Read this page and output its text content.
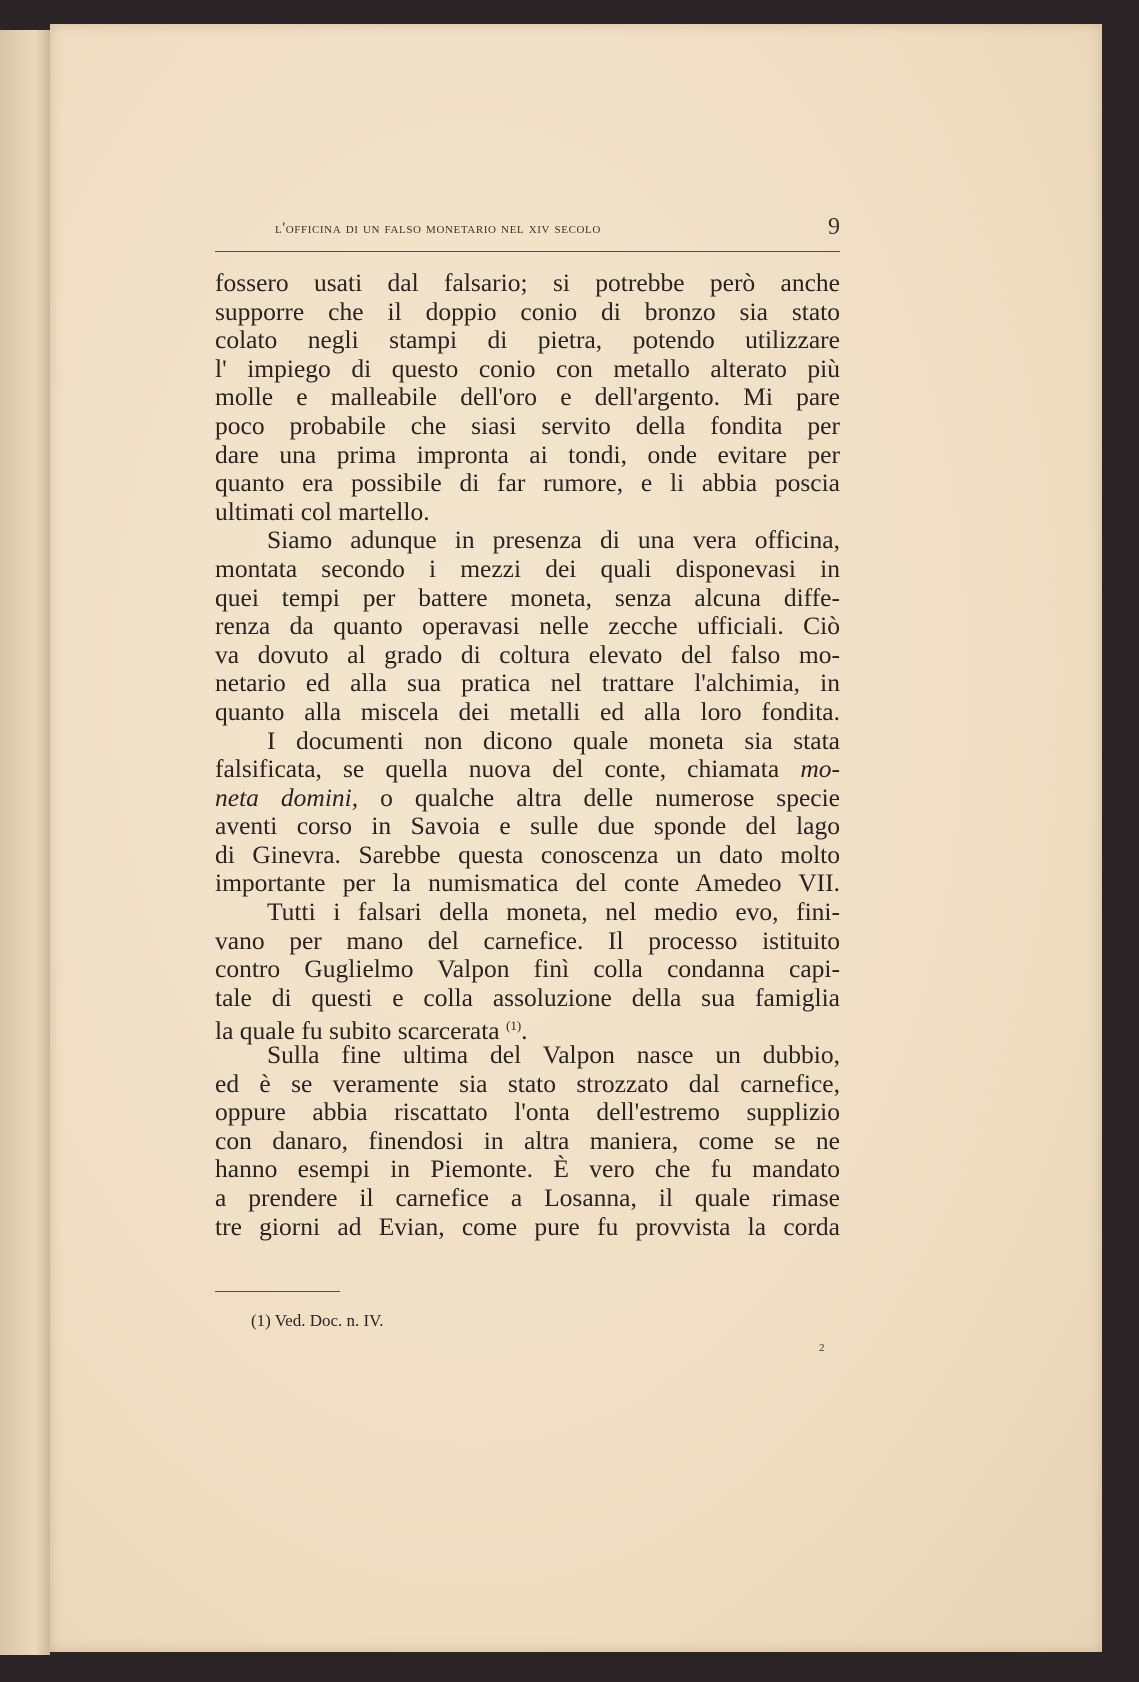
l'officina di un falso monetario nel xiv secolo	9
fossero usati dal falsario; si potrebbe però anche
supporre che il doppio conio di bronzo sia stato
colato negli stampi di pietra, potendo utilizzare
l' impiego di questo conio con metallo alterato più
molle e malleabile dell'oro e dell'argento. Mi pare
poco probabile che siasi servito della fondita per
dare una prima impronta ai tondi, onde evitare per
quanto era possibile di far rumore, e li abbia poscia
ultimati col martello.
Siamo adunque in presenza di una vera officina,
montata secondo i mezzi dei quali disponevasi in
quei tempi per battere moneta, senza alcuna diffe-
renza da quanto operavasi nelle zecche ufficiali. Ciò
va dovuto al grado di coltura elevato del falso mo-
netario ed alla sua pratica nel trattare l'alchimia, in
quanto alla miscela dei metalli ed alla loro fondita.
I documenti non dicono quale moneta sia stata
falsificata, se quella nuova del conte, chiamata mo-
neta domini, o qualche altra delle numerose specie
aventi corso in Savoia e sulle due sponde del lago
di Ginevra. Sarebbe questa conoscenza un dato molto
importante per la numismatica del conte Amedeo VII.
Tutti i falsari della moneta, nel medio evo, fini-
vano per mano del carnefice. Il processo istituito
contro Guglielmo Valpon finì colla condanna capi-
tale di questi e colla assoluzione della sua famiglia
la quale fu subito scarcerata $^{(1)}$.
Sulla fine ultima del Valpon nasce un dubbio,
ed è se veramente sia stato strozzato dal carnefice,
oppure abbia riscattato l'onta dell'estremo supplizio
con danaro, finendosi in altra maniera, come se ne
hanno esempi in Piemonte. È vero che fu mandato
a prendere il carnefice a Losanna, il quale rimase
tre giorni ad Evian, come pure fu provvista la corda
(1) Ved. Doc. n. IV.
2
